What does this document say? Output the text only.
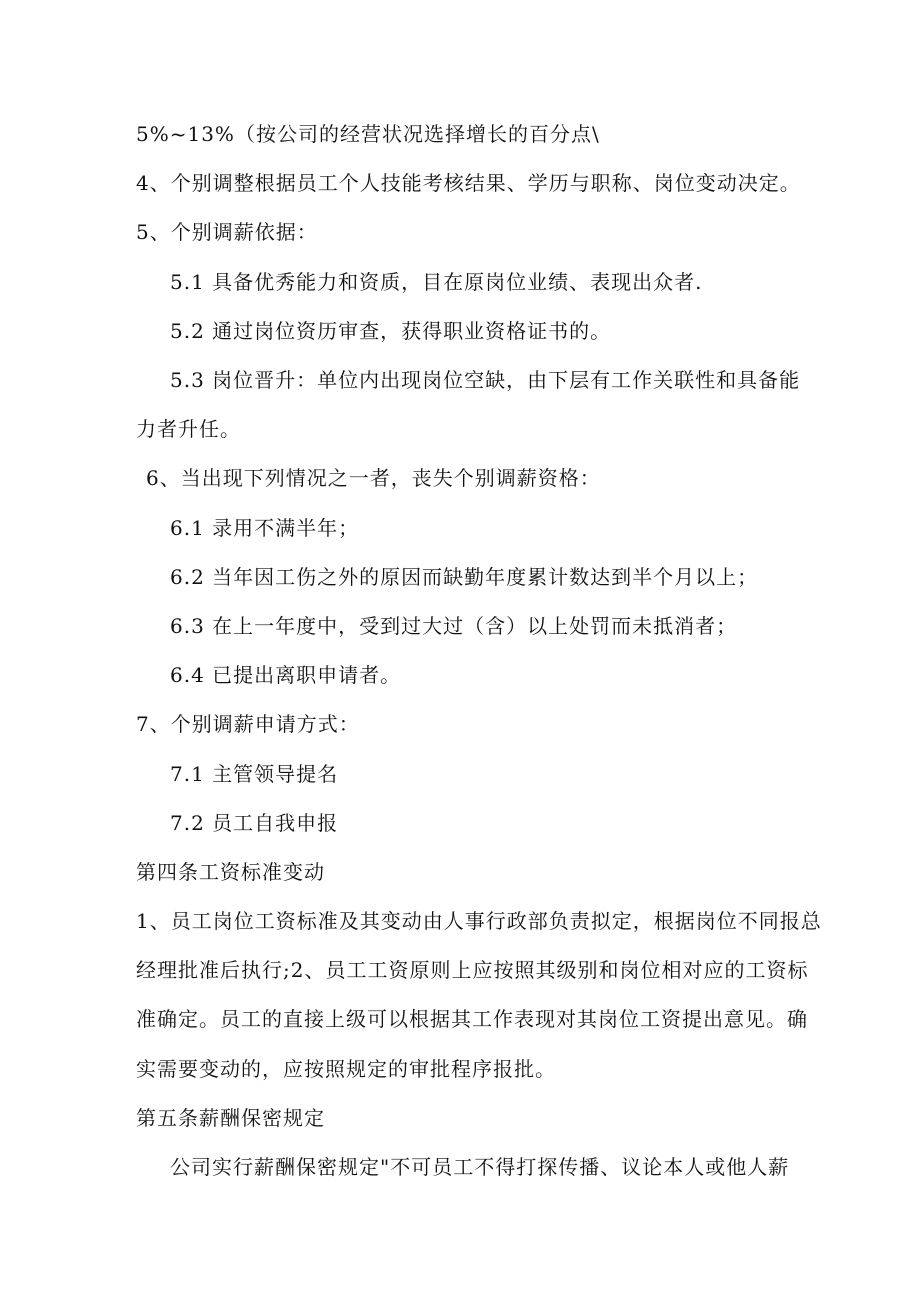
5%~13%（按公司的经营状况选择增长的百分点\
4、个别调整根据员工个人技能考核结果、学历与职称、岗位变动决定。
5、个别调薪依据：
5.1 具备优秀能力和资质，目在原岗位业绩、表现出众者.
5.2 通过岗位资历审查，获得职业资格证书的。
5.3 岗位晋升：单位内出现岗位空缺，由下层有工作关联性和具备能
力者升任。
6、当出现下列情况之一者，丧失个别调薪资格：
6.1 录用不满半年；
6.2 当年因工伤之外的原因而缺勤年度累计数达到半个月以上；
6.3 在上一年度中，受到过大过（含）以上处罚而未抵消者；
6.4 已提出离职申请者。
7、个别调薪申请方式：
7.1 主管领导提名
7.2 员工自我申报
第四条工资标准变动
1、员工岗位工资标准及其变动由人事行政部负责拟定，根据岗位不同报总
经理批准后执行;2、员工工资原则上应按照其级别和岗位相对应的工资标
准确定。员工的直接上级可以根据其工作表现对其岗位工资提出意见。确
实需要变动的，应按照规定的审批程序报批。
第五条薪酬保密规定
公司实行薪酬保密规定"不可员工不得打探传播、议论本人或他人薪
